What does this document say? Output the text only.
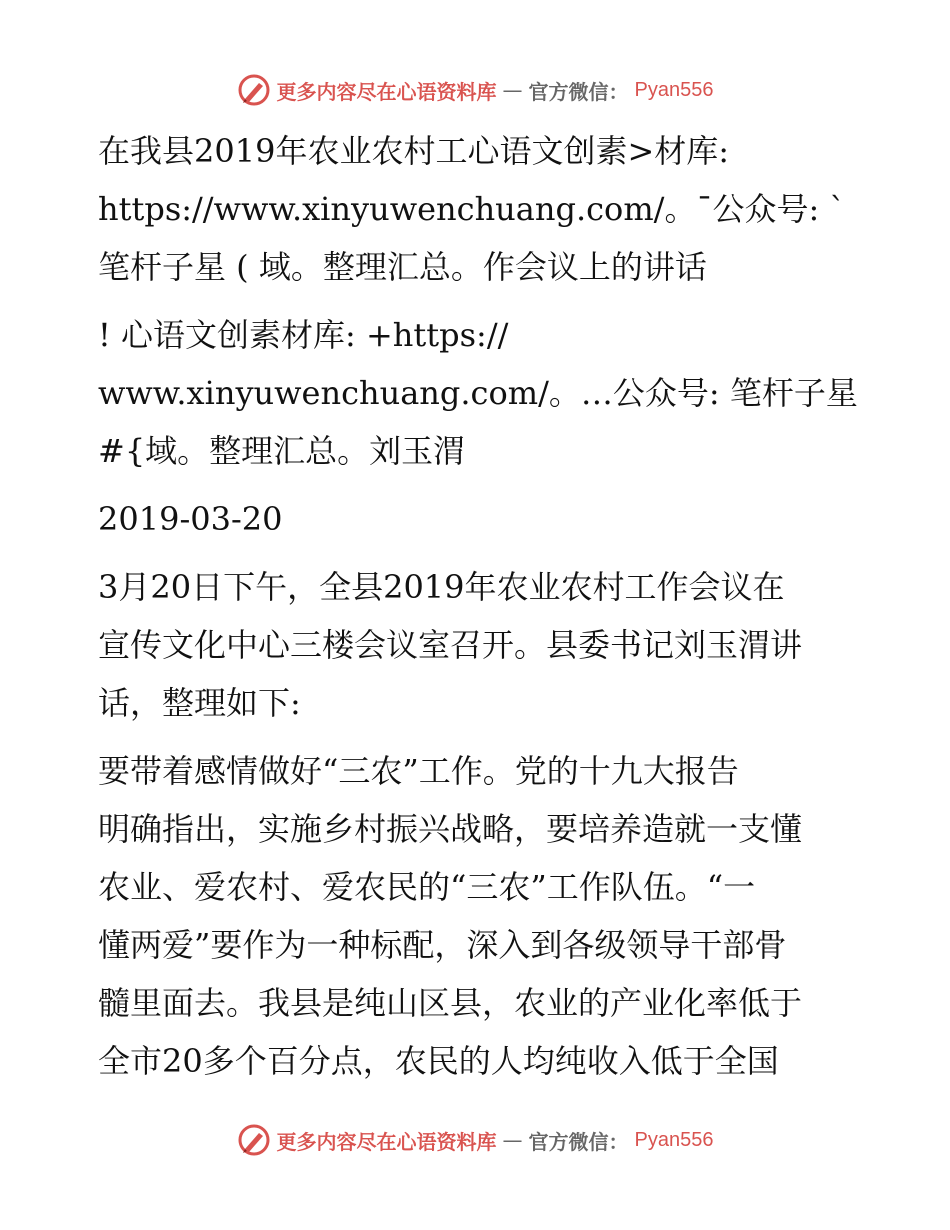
更多内容尽在心语资料库 — 官方微信： Pyan556
在我县2019年农业农村工心语文创素>材库:
https://www.xinyuwenchuang.com/。¯公众号: `
笔杆子星 ( 域。整理汇总。作会议上的讲话
! 心语文创素材库: +https://
www.xinyuwenchuang.com/。…公众号: 笔杆子星
#{域。整理汇总。刘玉渭
2019-03-20
3月20日下午，全县2019年农业农村工作会议在
宣传文化中心三楼会议室召开。县委书记刘玉渭讲
话，整理如下:
要带着感情做好“三农”工作。党的十九大报告
明确指出，实施乡村振兴战略，要培养造就一支懂
农业、爱农村、爱农民的“三农”工作队伍。“一
懂两爱”要作为一种标配，深入到各级领导干部骨
髓里面去。我县是纯山区县，农业的产业化率低于
全市20多个百分点，农民的人均纯收入低于全国
更多内容尽在心语资料库 — 官方微信： Pyan556
